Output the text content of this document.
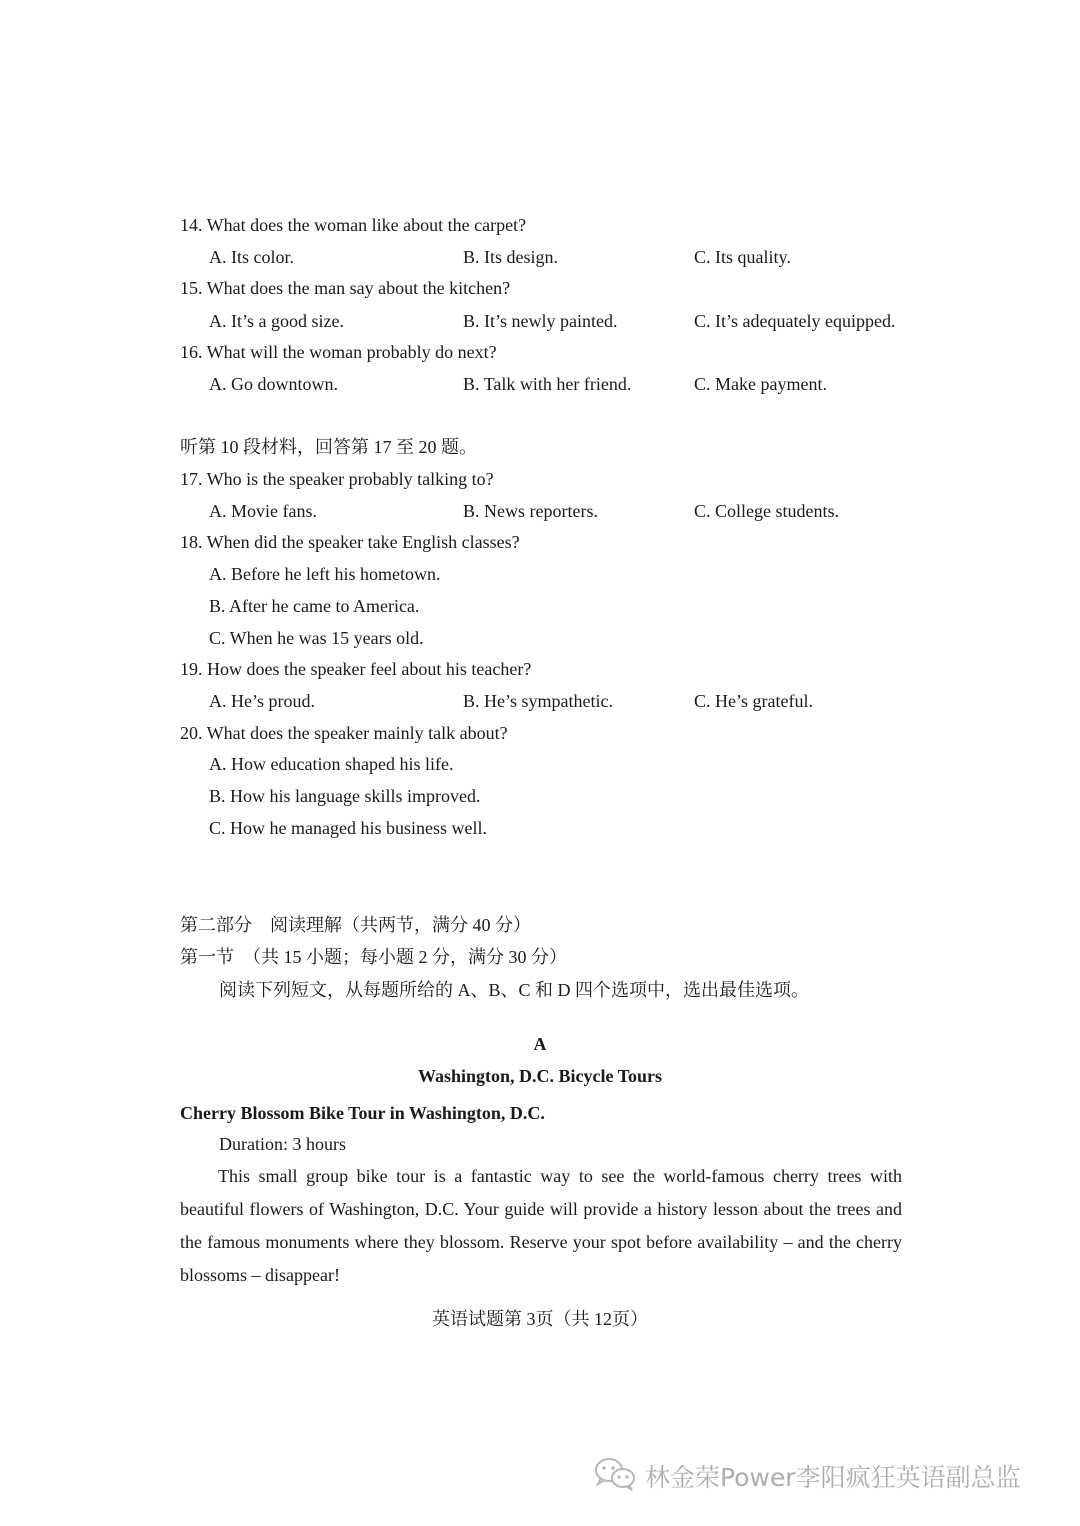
14. What does the woman like about the carpet?
A. Its color.	B. Its design.	C. Its quality.
15. What does the man say about the kitchen?
A. It’s a good size.	B. It’s newly painted.	C. It’s adequately equipped.
16. What will the woman probably do next?
A. Go downtown.	B. Talk with her friend.	C. Make payment.
听第 10 段材料，回答第 17 至 20 题。
17. Who is the speaker probably talking to?
A. Movie fans.	B. News reporters.	C. College students.
18. When did the speaker take English classes?
A. Before he left his hometown.
B. After he came to America.
C. When he was 15 years old.
19. How does the speaker feel about his teacher?
A. He’s proud.	B. He’s sympathetic.	C. He’s grateful.
20. What does the speaker mainly talk about?
A. How education shaped his life.
B. How his language skills improved.
C. How he managed his business well.
第二部分　阅读理解（共两节，满分 40 分）
第一节　（共 15 小题；每小题 2 分，满分 30 分）
阅读下列短文，从每题所给的 A、B、C 和 D 四个选项中，选出最佳选项。
A
Washington, D.C. Bicycle Tours
Cherry Blossom Bike Tour in Washington, D.C.
Duration: 3 hours

This small group bike tour is a fantastic way to see the world-famous cherry trees with beautiful flowers of Washington, D.C. Your guide will provide a history lesson about the trees and the famous monuments where they blossom. Reserve your spot before availability – and the cherry blossoms – disappear!

英语试题第 3页（共 12页）
林金荣Power李阳疯狂英语副总监
